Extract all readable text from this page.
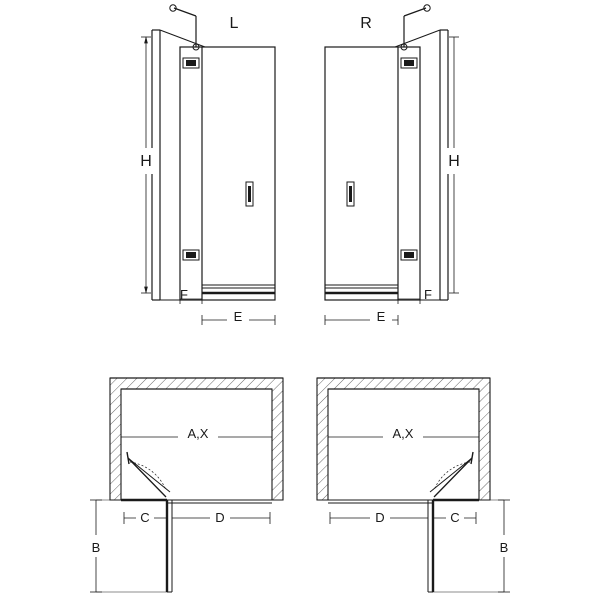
H
F
E
L
H
F
E
R
A,X
C	D
B
A,X
C
D
B
